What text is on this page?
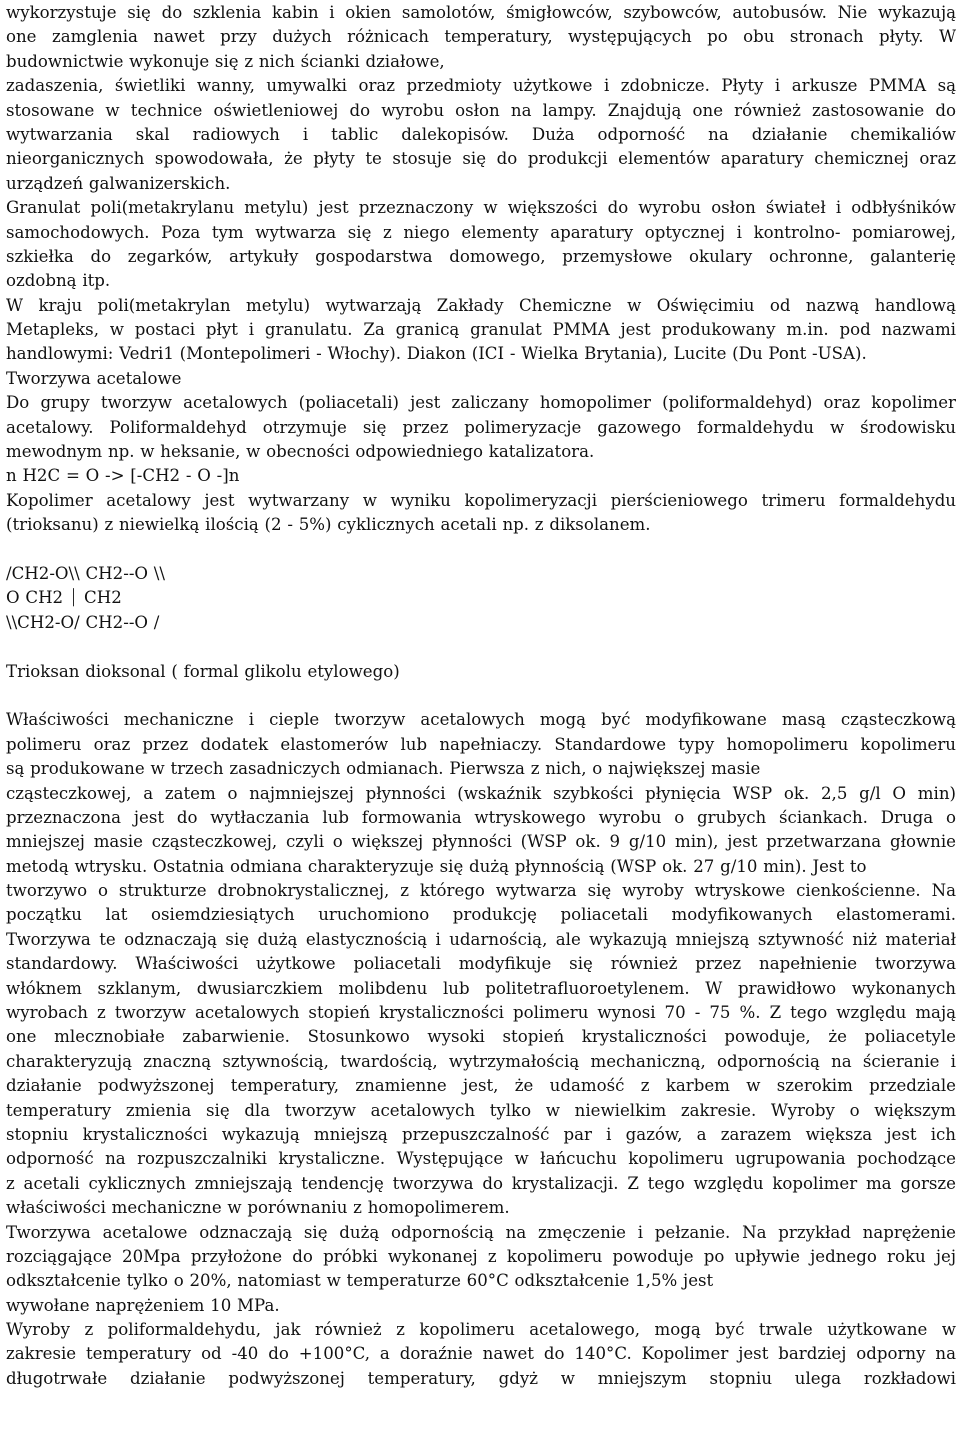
wykorzystuje się do szklenia kabin i okien samolotów, śmigłowców, szybowców, autobusów. Nie wykazują
one zamglenia nawet przy dużych różnicach temperatury, występujących po obu stronach płyty. W
budownictwie wykonuje się z nich ścianki działowe,
zadaszenia, świetliki wanny, umywalki oraz przedmioty użytkowe i zdobnicze. Płyty i arkusze PMMA są
stosowane w technice oświetleniowej do wyrobu osłon na lampy. Znajdują one również zastosowanie do
wytwarzania skal radiowych i tablic dalekopisów. Duża odporność na działanie chemikaliów
nieorganicznych spowodowała, że płyty te stosuje się do produkcji elementów aparatury chemicznej oraz
urządzeń galwanizerskich.
Granulat poli(metakrylanu metylu) jest przeznaczony w większości do wyrobu osłon świateł i odbłyśników
samochodowych. Poza tym wytwarza się z niego elementy aparatury optycznej i kontrolno- pomiarowej,
szkiełka do zegarków, artykuły gospodarstwa domowego, przemysłowe okulary ochronne, galanterię
ozdobną itp.
W kraju poli(metakrylan metylu) wytwarzają Zakłady Chemiczne w Oświęcimiu od nazwą handlową
Metapleks, w postaci płyt i granulatu. Za granicą granulat PMMA jest produkowany m.in. pod nazwami
handlowymi: Vedri1 (Montepolimeri - Włochy). Diakon (ICI - Wielka Brytania), Lucite (Du Pont -USA).
Tworzywa acetalowe
Do grupy tworzyw acetalowych (poliacetali) jest zaliczany homopolimer (poliformaldehyd) oraz kopolimer
acetalowy. Poliformaldehyd otrzymuje się przez polimeryzacje gazowego formaldehydu w środowisku
mewodnym np. w heksanie, w obecności odpowiedniego katalizatora.
n H2C = O -> [-CH2 - O -]n
Kopolimer acetalowy jest wytwarzany w wyniku kopolimeryzacji pierścieniowego trimeru formaldehydu
(trioksanu) z niewielką ilością (2 - 5%) cyklicznych acetali np. z diksolanem.
/CH2-O\\ CH2--O \\
O CH2 ⏐ CH2
\\CH2-O/ CH2--O /
Trioksan dioksonal ( formal glikolu etylowego)
Właściwości mechaniczne i cieple tworzyw acetalowych mogą być modyfikowane masą cząsteczkową
polimeru oraz przez dodatek elastomerów lub napełniaczy. Standardowe typy homopolimeru kopolimeru
są produkowane w trzech zasadniczych odmianach. Pierwsza z nich, o największej masie
cząsteczkowej, a zatem o najmniejszej płynności (wskaźnik szybkości płynięcia WSP ok. 2,5 g/l O min)
przeznaczona jest do wytłaczania lub formowania wtryskowego wyrobu o grubych ściankach. Druga o
mniejszej masie cząsteczkowej, czyli o większej płynności (WSP ok. 9 g/10 min), jest przetwarzana głownie
metodą wtrysku. Ostatnia odmiana charakteryzuje się dużą płynnością (WSP ok. 27 g/10 min). Jest to
tworzywo o strukturze drobnokrystalicznej, z którego wytwarza się wyroby wtryskowe cienkościenne. Na
początku lat osiemdziesiątych uruchomiono produkcję poliacetali modyfikowanych elastomerami.
Tworzywa te odznaczają się dużą elastycznością i udarnością, ale wykazują mniejszą sztywność niż materiał
standardowy. Właściwości użytkowe poliacetali modyfikuje się również przez napełnienie tworzywa
włóknem szklanym, dwusiarczkiem molibdenu lub politetrafluoroetylenem. W prawidłowo wykonanych
wyrobach z tworzyw acetalowych stopień krystaliczności polimeru wynosi 70 - 75 %. Z tego względu mają
one mlecznobiałe zabarwienie. Stosunkowo wysoki stopień krystaliczności powoduje, że poliacetyle
charakteryzują znaczną sztywnością, twardością, wytrzymałością mechaniczną, odpornością na ścieranie i
działanie podwyższonej temperatury, znamienne jest, że udamość z karbem w szerokim przedziale
temperatury zmienia się dla tworzyw acetalowych tylko w niewielkim zakresie. Wyroby o większym
stopniu krystaliczności wykazują mniejszą przepuszczalność par i gazów, a zarazem większa jest ich
odporność na rozpuszczalniki krystaliczne. Występujące w łańcuchu kopolimeru ugrupowania pochodzące
z acetali cyklicznych zmniejszają tendencję tworzywa do krystalizacji. Z tego względu kopolimer ma gorsze
właściwości mechaniczne w porównaniu z homopolimerem.
Tworzywa acetalowe odznaczają się dużą odpornością na zmęczenie i pełzanie. Na przykład naprężenie
rozciągające 20Mpa przyłożone do próbki wykonanej z kopolimeru powoduje po upływie jednego roku jej
odkształcenie tylko o 20%, natomiast w temperaturze 60°C odkształcenie 1,5% jest
wywołane naprężeniem 10 MPa.
Wyroby z poliformaldehydu, jak również z kopolimeru acetalowego, mogą być trwale użytkowane w
zakresie temperatury od -40 do +100°C, a doraźnie nawet do 140°C. Kopolimer jest bardziej odporny na
długotrwałe działanie podwyższonej temperatury, gdyż w mniejszym stopniu ulega rozkładowi
